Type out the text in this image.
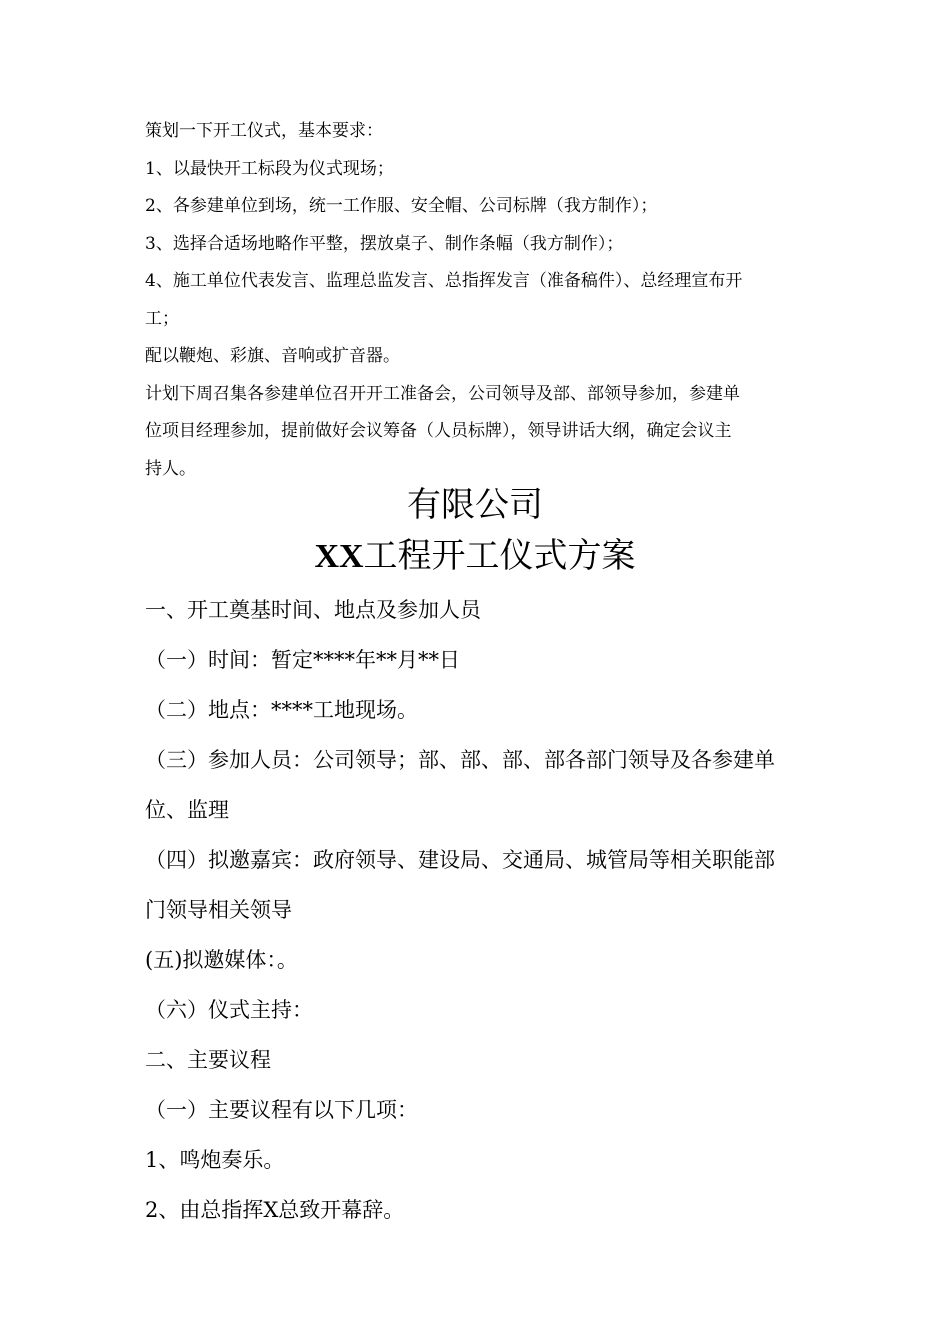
策划一下开工仪式，基本要求：
1、以最快开工标段为仪式现场；
2、各参建单位到场，统一工作服、安全帽、公司标牌（我方制作）；
3、选择合适场地略作平整，摆放桌子、制作条幅（我方制作）；
4、施工单位代表发言、监理总监发言、总指挥发言（准备稿件）、总经理宣布开
工；
配以鞭炮、彩旗、音响或扩音器。
计划下周召集各参建单位召开开工准备会，公司领导及部、部领导参加，参建单
位项目经理参加，提前做好会议筹备（人员标牌），领导讲话大纲，确定会议主
持人。
有限公司
XX工程开工仪式方案
一、开工奠基时间、地点及参加人员
（一）时间：暂定****年**月**日
（二）地点：****工地现场。
（三）参加人员：公司领导；部、部、部、部各部门领导及各参建单
位、监理
（四）拟邀嘉宾：政府领导、建设局、交通局、城管局等相关职能部
门领导相关领导
(五)拟邀媒体：。
（六）仪式主持：
二、主要议程
（一）主要议程有以下几项：
1、鸣炮奏乐。
2、由总指挥X总致开幕辞。
